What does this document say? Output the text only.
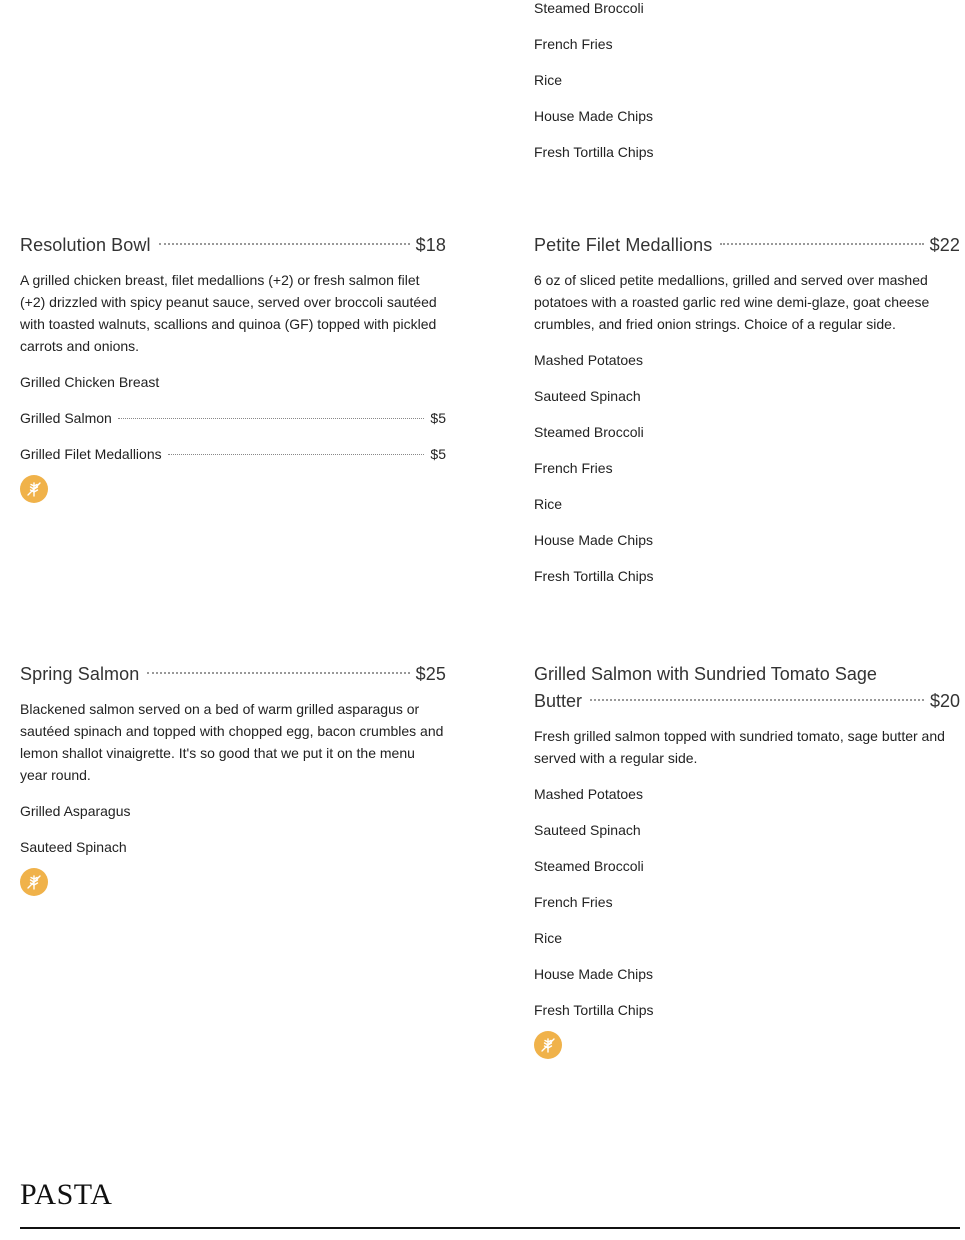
Steamed Broccoli
French Fries
Rice
House Made Chips
Fresh Tortilla Chips
Resolution Bowl	$18

A grilled chicken breast, filet medallions (+2) or fresh salmon filet (+2) drizzled with spicy peanut sauce, served over broccoli sautéed with toasted walnuts, scallions and quinoa (GF) topped with pickled carrots and onions.

Grilled Chicken Breast
Grilled Salmon	$5
Grilled Filet Medallions	$5
Petite Filet Medallions	$22

6 oz of sliced petite medallions, grilled and served over mashed potatoes with a roasted garlic red wine demi-glaze, goat cheese crumbles, and fried onion strings. Choice of a regular side.

Mashed Potatoes
Sauteed Spinach
Steamed Broccoli
French Fries
Rice
House Made Chips
Fresh Tortilla Chips
Spring Salmon	$25

Blackened salmon served on a bed of warm grilled asparagus or sautéed spinach and topped with chopped egg, bacon crumbles and lemon shallot vinaigrette. It's so good that we put it on the menu year round.

Grilled Asparagus
Sauteed Spinach
Grilled Salmon with Sundried Tomato Sage
Butter	$20

Fresh grilled salmon topped with sundried tomato, sage butter and served with a regular side.

Mashed Potatoes
Sauteed Spinach
Steamed Broccoli
French Fries
Rice
House Made Chips
Fresh Tortilla Chips
PASTA
